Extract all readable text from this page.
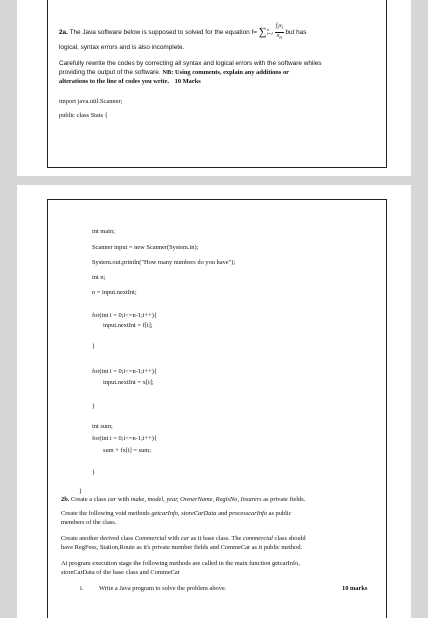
2a. The Java software below is supposed to solved for the equation f= ∑n
$i=1 \frac{f_ix_i}{x_n}$ but has
logical, syntax errors and is also incomplete.
Carefully rewrite the codes by correcting all syntax and logical errors with the software whiles
providing the output of the software. NB: Using comments, explain any additions or
alterations to the line of codes you write. 10 Marks
import java.util.Scanner;
public class Stats {
int main;
Scanner input = new Scanner(System.in);
System.out.println("How many numbers do you have");
int n;
n = input.nextInt;
for(int i = 0;i<=n-1;i++){
input.nextInt = f[i];
}
for(int i = 0;i<=n-1;i++){
input.nextInt = x[i];
}
int sum;
for(int i = 0;i<=n-1;i++){
sum + fx[i] = sum;
}
}
2b. Create a class car with make, model, year, OwnerName, RegisNo, Insurers as private fields.
Create the following void methods getcarInfo, storeCarData and processcarInfo as public
members of the class.
Create another derived class Commercial with car as it base class. The commercial class should
have RegFees, Station,Route as it's private member fields and CommeCar as it public method.
At program execution stage the following methods are called in the main function getcarInfo,
storeCarData of the base class and CommeCar
i. Write a Java program to solve the problem above.	10 marks
